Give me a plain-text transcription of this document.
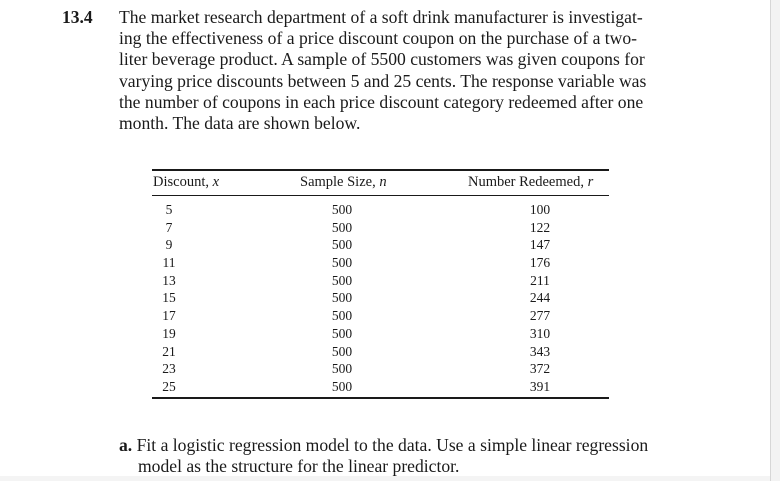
13.4 The market research department of a soft drink manufacturer is investigat-
ing the effectiveness of a price discount coupon on the purchase of a two-
liter beverage product. A sample of 5500 customers was given coupons for
varying price discounts between 5 and 25 cents. The response variable was
the number of coupons in each price discount category redeemed after one
month. The data are shown below.
Discount, x	Sample Size, n	Number Redeemed, r
5
7
9
11
13
15
17
19
21
23
25
500
500
500
500
500
500
500
500
500
500
500
100
122
147
176
211
244
277
310
343
372
391
a. Fit a logistic regression model to the data. Use a simple linear regression
model as the structure for the linear predictor.
